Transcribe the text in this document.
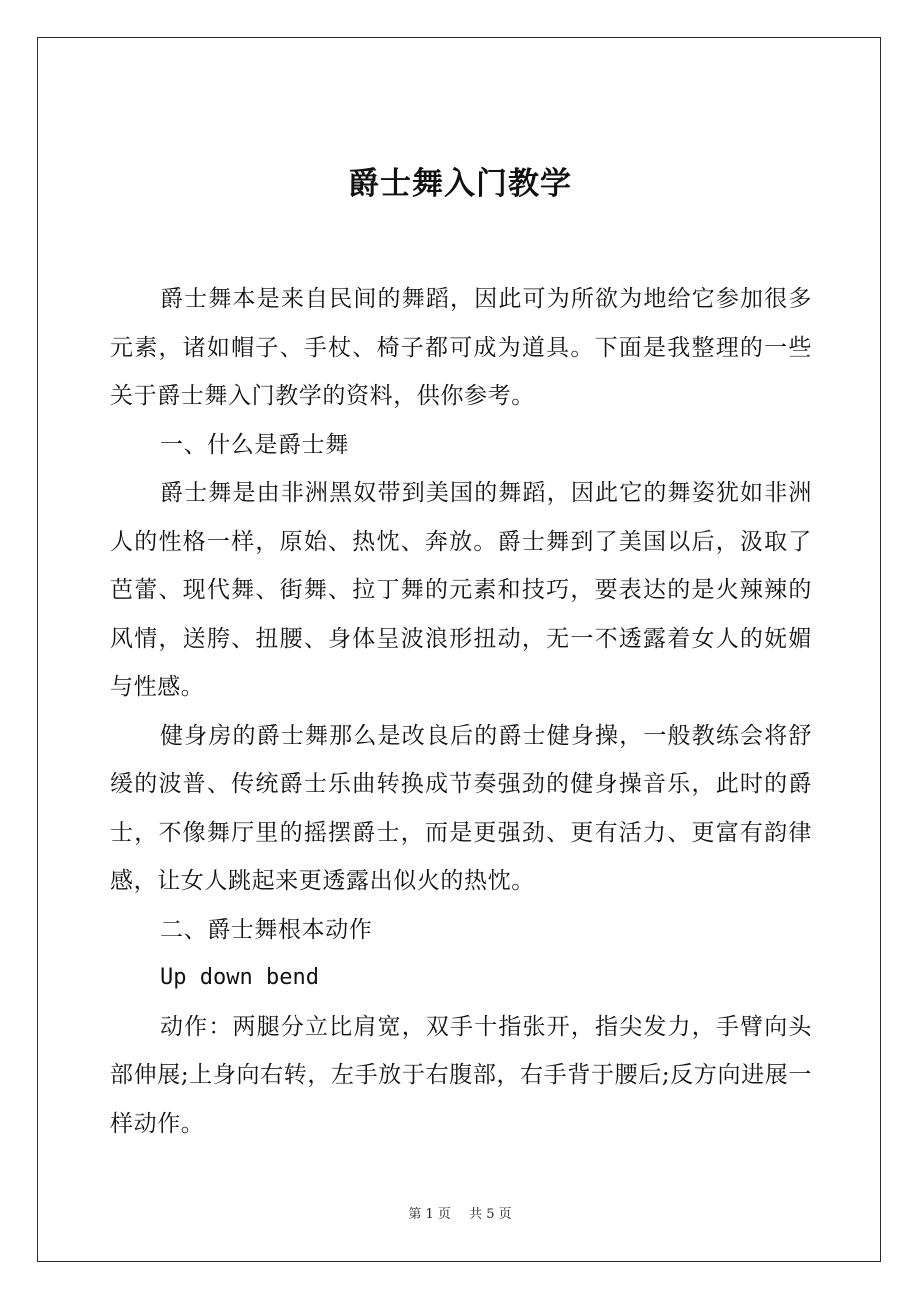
爵士舞入门教学

爵士舞本是来自民间的舞蹈，因此可为所欲为地给它参加很多元素，诸如帽子、手杖、椅子都可成为道具。下面是我整理的一些关于爵士舞入门教学的资料，供你参考。

一、什么是爵士舞

爵士舞是由非洲黑奴带到美国的舞蹈，因此它的舞姿犹如非洲人的性格一样，原始、热忱、奔放。爵士舞到了美国以后，汲取了芭蕾、现代舞、街舞、拉丁舞的元素和技巧，要表达的是火辣辣的风情，送胯、扭腰、身体呈波浪形扭动，无一不透露着女人的妩媚与性感。

健身房的爵士舞那么是改良后的爵士健身操，一般教练会将舒缓的波普、传统爵士乐曲转换成节奏强劲的健身操音乐，此时的爵士，不像舞厅里的摇摆爵士，而是更强劲、更有活力、更富有韵律感，让女人跳起来更透露出似火的热忱。

二、爵士舞根本动作

Up down bend

动作：两腿分立比肩宽，双手十指张开，指尖发力，手臂向头部伸展;上身向右转，左手放于右腹部，右手背于腰后;反方向进展一样动作。

第 1 页 共 5 页
